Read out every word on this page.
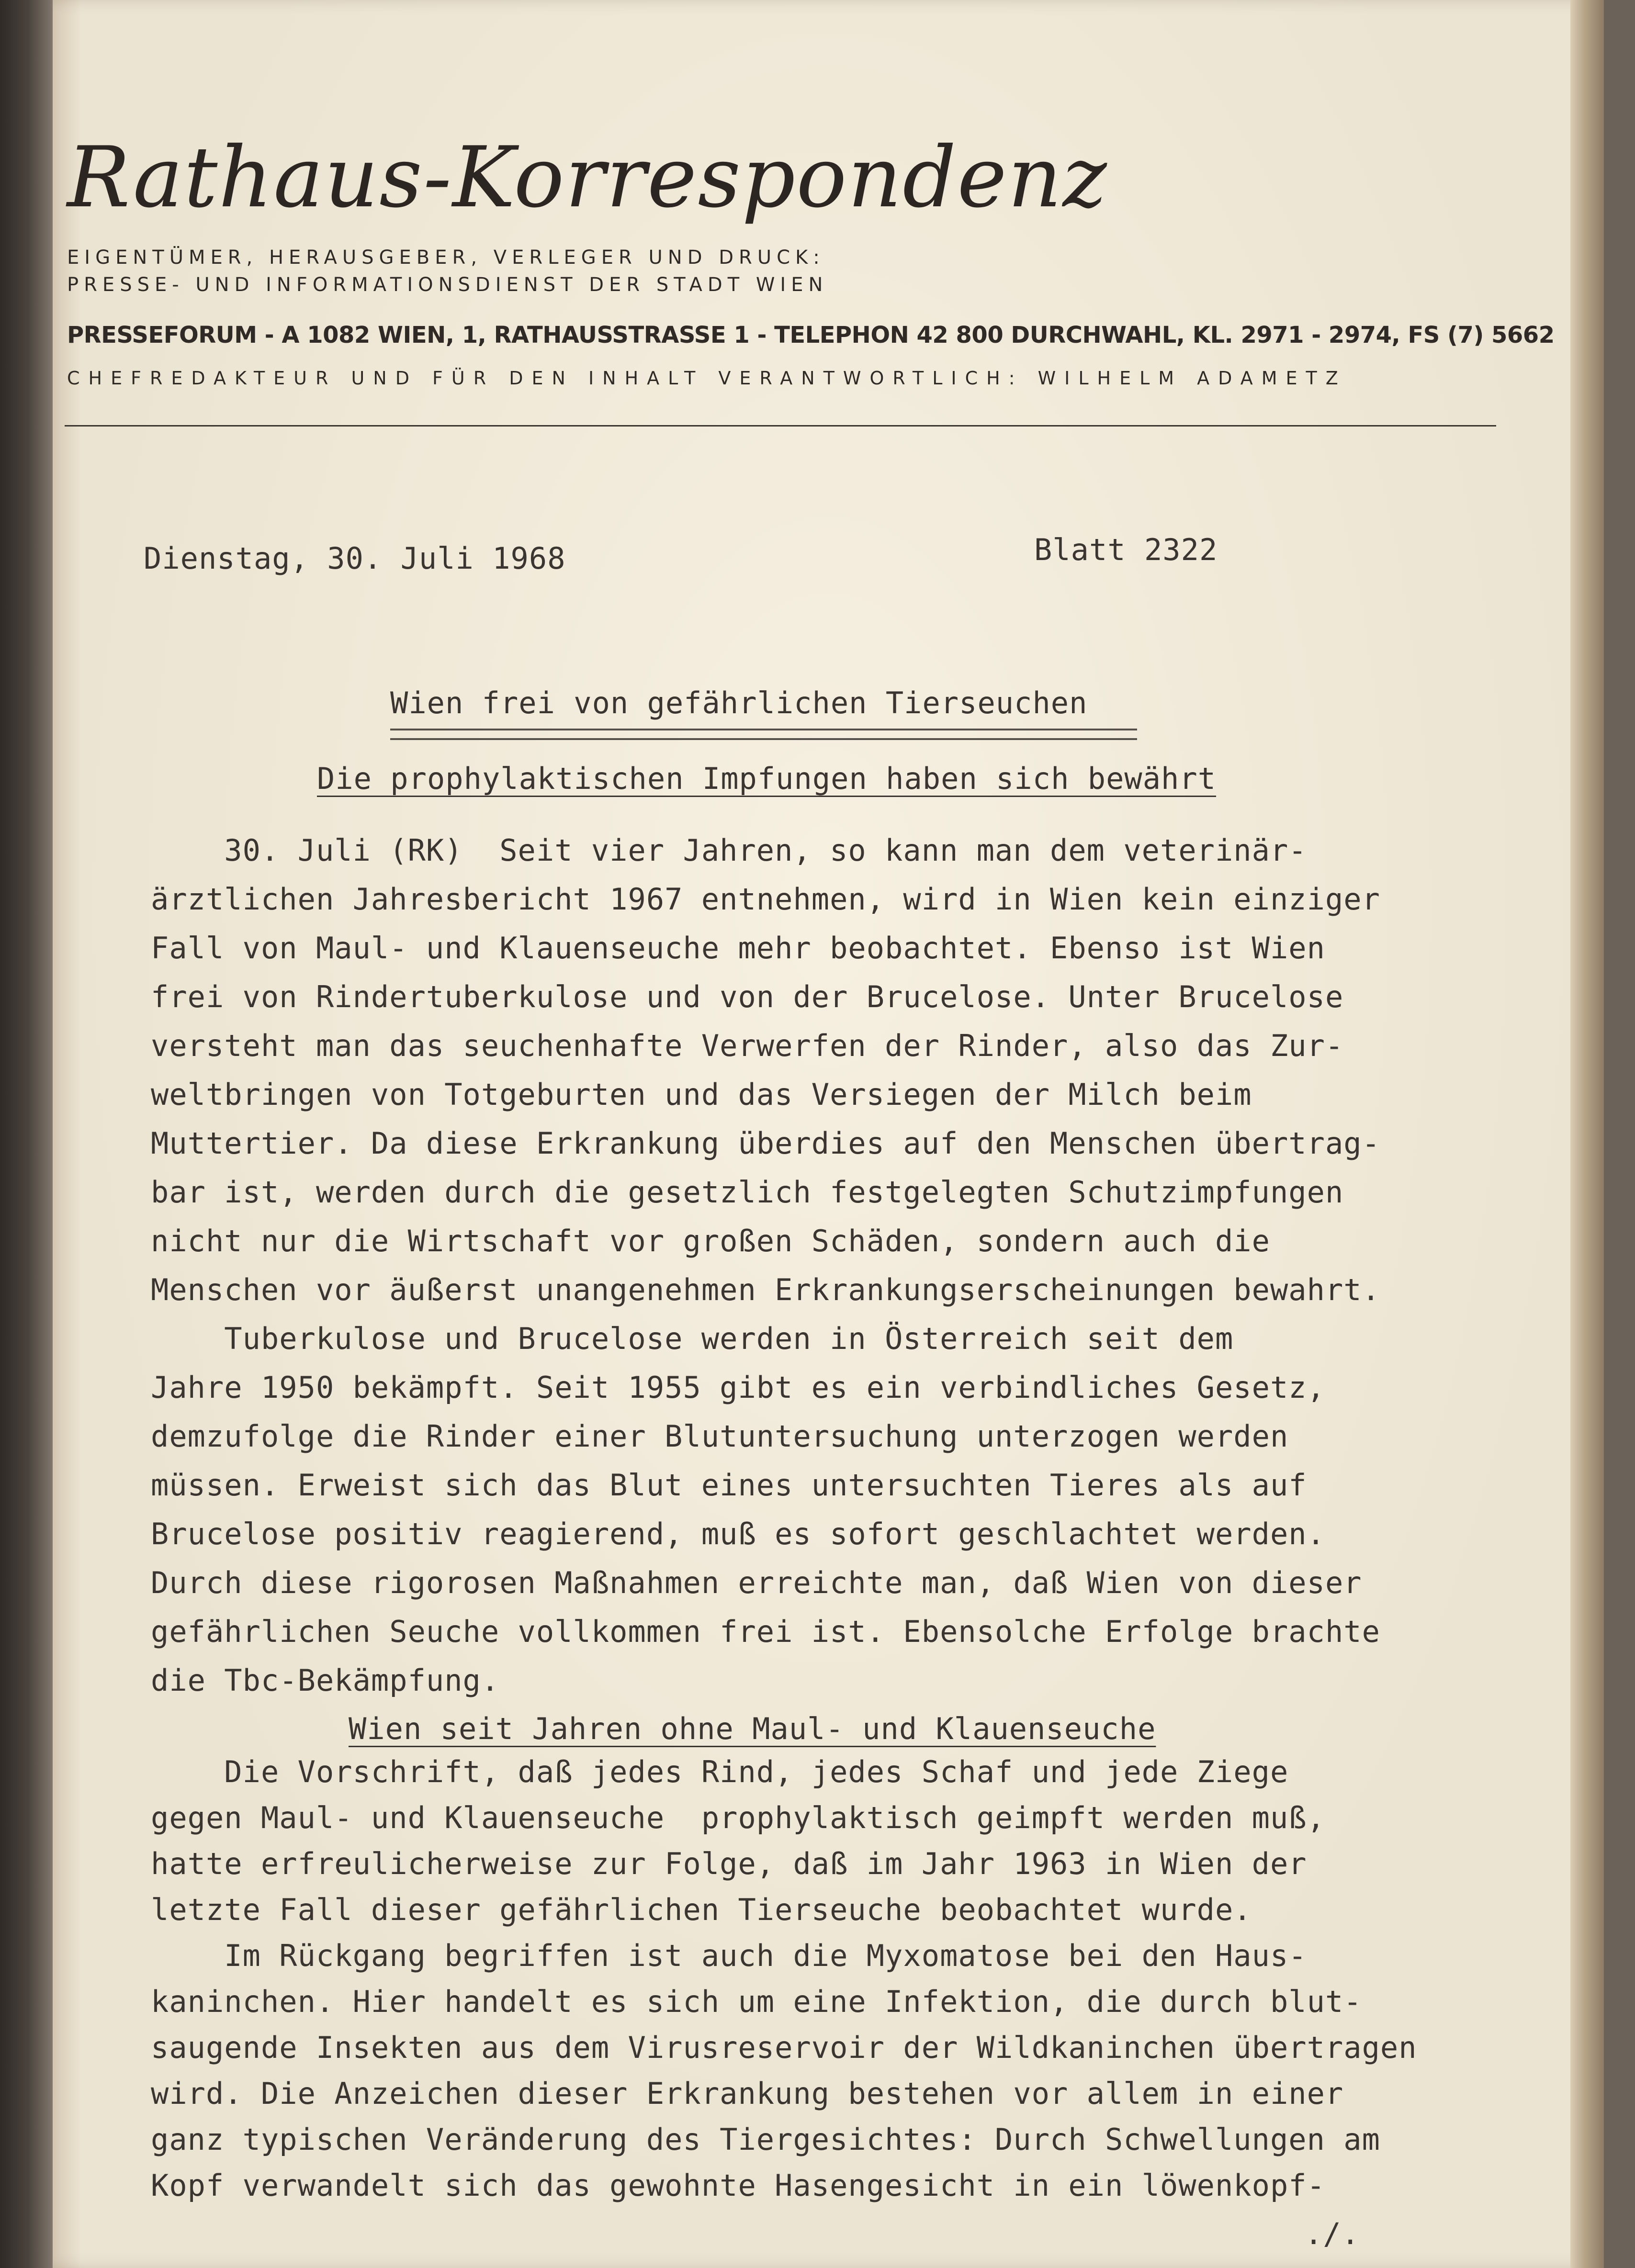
Rathaus-Korrespondenz
EIGENTÜMER, HERAUSGEBER, VERLEGER UND DRUCK:
PRESSE- UND INFORMATIONSDIENST DER STADT WIEN
PRESSEFORUM - A 1082 WIEN, 1, RATHAUSSTRASSE 1 - TELEPHON 42 800 DURCHWAHL, KL. 2971 - 2974, FS (7) 5662
CHEFREDAKTEUR UND FÜR DEN INHALT VERANTWORTLICH: WILHELM ADAMETZ
Dienstag, 30. Juli 1968	Blatt 2322
Wien frei von gefährlichen Tierseuchen
Die prophylaktischen Impfungen haben sich bewährt
30. Juli (RK)  Seit vier Jahren, so kann man dem veterinär-
ärztlichen Jahresbericht 1967 entnehmen, wird in Wien kein einziger
Fall von Maul- und Klauenseuche mehr beobachtet. Ebenso ist Wien
frei von Rindertuberkulose und von der Brucelose. Unter Brucelose
versteht man das seuchenhafte Verwerfen der Rinder, also das Zur-
weltbringen von Totgeburten und das Versiegen der Milch beim
Muttertier. Da diese Erkrankung überdies auf den Menschen übertrag-
bar ist, werden durch die gesetzlich festgelegten Schutzimpfungen
nicht nur die Wirtschaft vor großen Schäden, sondern auch die
Menschen vor äußerst unangenehmen Erkrankungserscheinungen bewahrt.
Tuberkulose und Brucelose werden in Österreich seit dem
Jahre 1950 bekämpft. Seit 1955 gibt es ein verbindliches Gesetz,
demzufolge die Rinder einer Blutuntersuchung unterzogen werden
müssen. Erweist sich das Blut eines untersuchten Tieres als auf
Brucelose positiv reagierend, muß es sofort geschlachtet werden.
Durch diese rigorosen Maßnahmen erreichte man, daß Wien von dieser
gefährlichen Seuche vollkommen frei ist. Ebensolche Erfolge brachte
die Tbc-Bekämpfung.
Wien seit Jahren ohne Maul- und Klauenseuche
Die Vorschrift, daß jedes Rind, jedes Schaf und jede Ziege
gegen Maul- und Klauenseuche  prophylaktisch geimpft werden muß,
hatte erfreulicherweise zur Folge, daß im Jahr 1963 in Wien der
letzte Fall dieser gefährlichen Tierseuche beobachtet wurde.
Im Rückgang begriffen ist auch die Myxomatose bei den Haus-
kaninchen. Hier handelt es sich um eine Infektion, die durch blut-
saugende Insekten aus dem Virusreservoir der Wildkaninchen übertragen
wird. Die Anzeichen dieser Erkrankung bestehen vor allem in einer
ganz typischen Veränderung des Tiergesichtes: Durch Schwellungen am
Kopf verwandelt sich das gewohnte Hasengesicht in ein löwenkopf-
./.
